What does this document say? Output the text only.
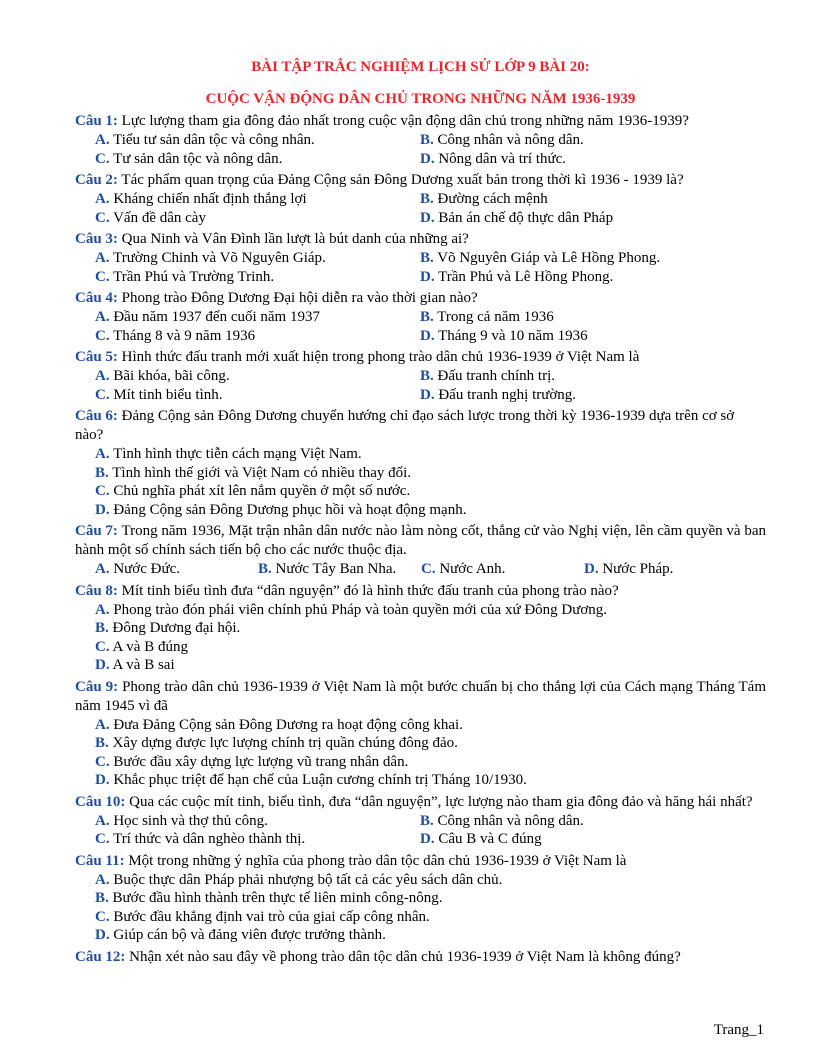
BÀI TẬP TRẮC NGHIỆM LỊCH SỬ LỚP 9 BÀI 20:
CUỘC VẬN ĐỘNG DÂN CHỦ TRONG NHỮNG NĂM 1936-1939

Câu 1: Lực lượng tham gia đông đảo nhất trong cuộc vận động dân chủ trong những năm 1936-1939?

A. Tiểu tư sản dân tộc và công nhân.	B. Công nhân và nông dân.
C. Tư sản dân tộc và nông dân.	D. Nông dân và trí thức.

Câu 2: Tác phẩm quan trọng của Đảng Cộng sản Đông Dương xuất bản trong thời kì 1936 - 1939 là?

A. Kháng chiến nhất định thắng lợi	B. Đường cách mệnh
C. Vấn đề dân cày	D. Bản án chế độ thực dân Pháp

Câu 3: Qua Ninh và Vân Đình lần lượt là bút danh của những ai?

A. Trường Chinh và Võ Nguyên Giáp.	B. Võ Nguyên Giáp và Lê Hồng Phong.
C. Trần Phú và Trường Trinh.	D. Trần Phú và Lê Hồng Phong.

Câu 4: Phong trào Đông Dương Đại hội diễn ra vào thời gian nào?

A. Đầu năm 1937 đến cuối năm 1937	B. Trong cả năm 1936
C. Tháng 8 và 9 năm 1936	D. Tháng 9 và 10 năm 1936

Câu 5: Hình thức đấu tranh mới xuất hiện trong phong trào dân chủ 1936-1939 ở Việt Nam là

A. Bãi khóa, bãi công.	B. Đấu tranh chính trị.
C. Mít tinh biểu tình.	D. Đấu tranh nghị trường.

Câu 6: Đảng Cộng sản Đông Dương chuyển hướng chỉ đạo sách lược trong thời kỳ 1936-1939 dựa trên cơ sở nào?

A. Tình hình thực tiễn cách mạng Việt Nam.
B. Tình hình thế giới và Việt Nam có nhiều thay đổi.
C. Chủ nghĩa phát xít lên nắm quyền ở một số nước.
D. Đảng Cộng sản Đông Dương phục hồi và hoạt động mạnh.

Câu 7: Trong năm 1936, Mặt trận nhân dân nước nào làm nòng cốt, thắng cử vào Nghị viện, lên cầm quyền và ban hành một số chính sách tiến bộ cho các nước thuộc địa.

A. Nước Đức.	B. Nước Tây Ban Nha.	C. Nước Anh.	D. Nước Pháp.

Câu 8: Mít tinh biểu tình đưa “dân nguyện” đó là hình thức đấu tranh của phong trào nào?

A. Phong trào đón phái viên chính phủ Pháp và toàn quyền mới của xứ Đông Dương.
B. Đông Dương đại hội.
C. A và B đúng
D. A và B sai

Câu 9: Phong trào dân chủ 1936-1939 ở Việt Nam là một bước chuẩn bị cho thắng lợi của Cách mạng Tháng Tám năm 1945 vì đã

A. Đưa Đảng Cộng sản Đông Dương ra hoạt động công khai.
B. Xây dựng được lực lượng chính trị quần chúng đông đảo.
C. Bước đầu xây dựng lực lượng vũ trang nhân dân.
D. Khắc phục triệt để hạn chế của Luận cương chính trị Tháng 10/1930.

Câu 10: Qua các cuộc mít tinh, biểu tình, đưa “dân nguyện”, lực lượng nào tham gia đông đảo và hăng hái nhất?

A. Học sinh và thợ thủ công.	B. Công nhân và nông dân.
C. Trí thức và dân nghèo thành thị.	D. Câu B và C đúng

Câu 11: Một trong những ý nghĩa của phong trào dân tộc dân chủ 1936-1939 ở Việt Nam là

A. Buộc thực dân Pháp phải nhượng bộ tất cả các yêu sách dân chủ.
B. Bước đầu hình thành trên thực tế liên minh công-nông.
C. Bước đầu khẳng định vai trò của giai cấp công nhân.
D. Giúp cán bộ và đảng viên được trưởng thành.

Câu 12: Nhận xét nào sau đây về phong trào dân tộc dân chủ 1936-1939 ở Việt Nam là không đúng?

Trang_1
